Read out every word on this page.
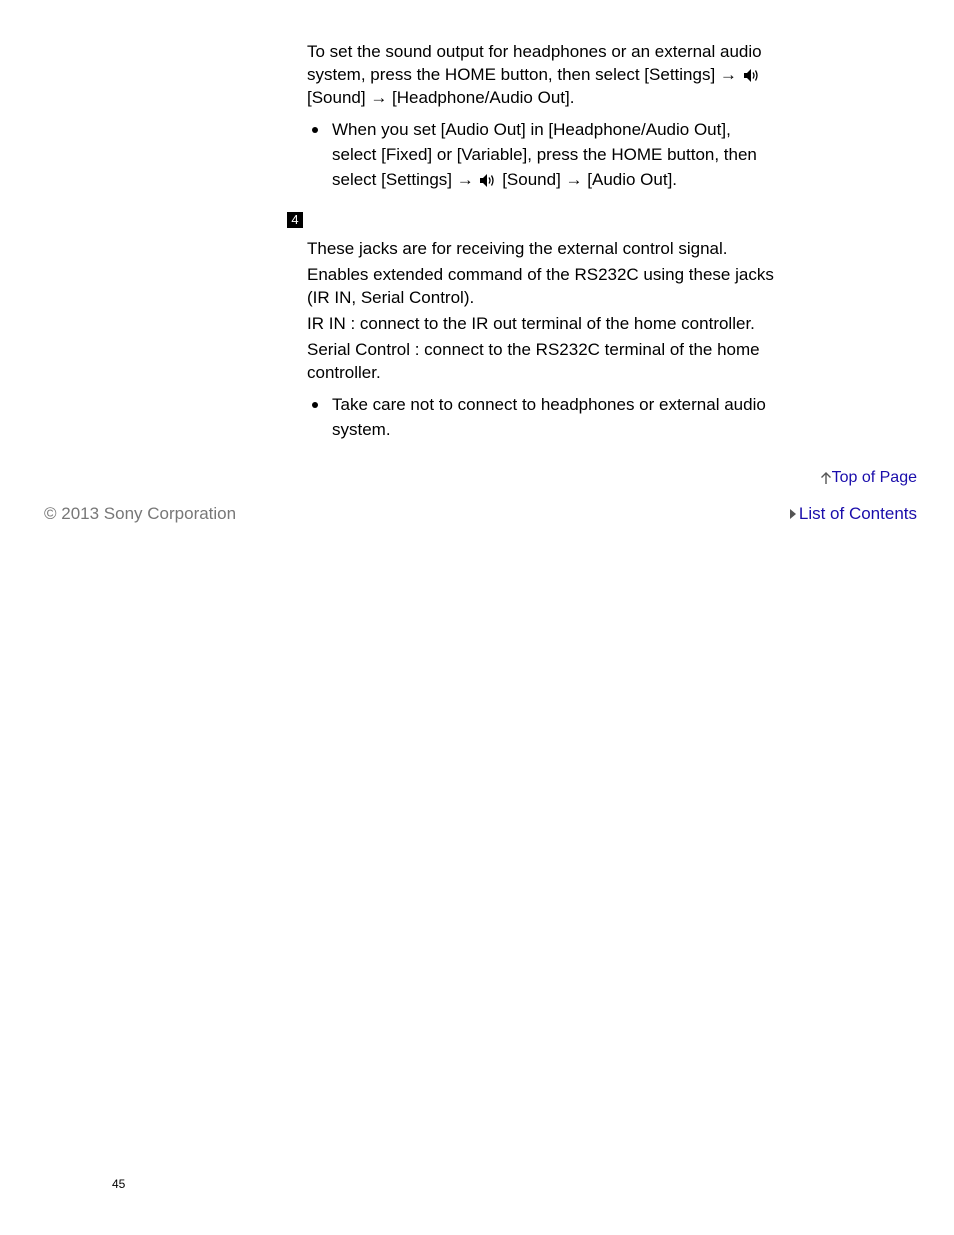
To set the sound output for headphones or an external audio
system, press the HOME button, then select [Settings] →
[Sound] → [Headphone/Audio Out].
When you set [Audio Out] in [Headphone/Audio Out],
select [Fixed] or [Variable], press the HOME button, then
select [Settings] → [Sound] → [Audio Out].
4
These jacks are for receiving the external control signal.
Enables extended command of the RS232C using these jacks
(IR IN, Serial Control).
IR IN : connect to the IR out terminal of the home controller.
Serial Control : connect to the RS232C terminal of the home
controller.
Take care not to connect to headphones or external audio
system.
Top of Page
© 2013 Sony Corporation	List of Contents
45
